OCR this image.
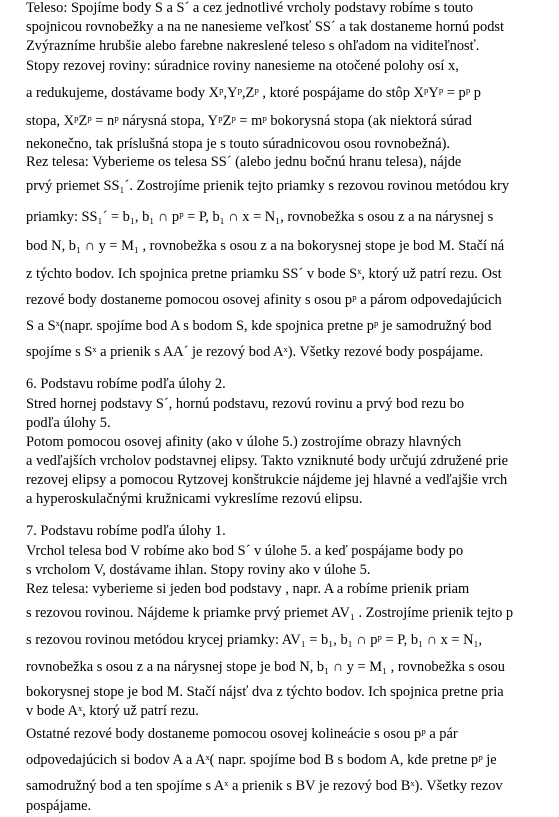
Teleso: Spojíme body S a S´ a cez jednotlivé vrcholy podstavy robíme s touto
spojnicou rovnobežky a na ne nanesieme veľkosť SS´ a tak dostaneme hornú podst
Zvýrazníme hrubšie alebo farebne nakreslené teleso s ohľadom na viditeľnosť.
Stopy rezovej roviny: súradnice roviny nanesieme na otočené polohy osí x,
a redukujeme, dostávame body Xᵖ,Yᵖ,Zᵖ , ktoré pospájame do stôp XᵖYᵖ = pᵖ p
stopa, XᵖZᵖ = nᵖ nárysná stopa, YᵖZᵖ = mᵖ bokorysná stopa (ak niektorá súrad
nekonečno, tak príslušná stopa je s touto súradnicovou osou rovnobežná).
Rez telesa: Vyberieme os telesa SS´ (alebo jednu bočnú hranu telesa), nájde
prvý priemet SS₁´. Zostrojíme prienik tejto priamky s rezovou rovinou metódou kry
priamky: SS₁´ = b₁, b₁ ∩ pᵖ = P, b₁ ∩ x = N₁, rovnobežka s osou z a na nárysnej s
bod N, b₁ ∩ y = M₁ , rovnobežka s osou z a na bokorysnej stope je bod M. Stačí ná
z týchto bodov. Ich spojnica pretne priamku SS´ v bode Sˣ, ktorý už patrí rezu. Ost
rezové body dostaneme pomocou osovej afinity s osou pᵖ a párom odpovedajúcich
S a Sˣ(napr. spojíme bod A s bodom S, kde spojnica pretne pᵖ je samodružný bod
spojíme s Sˣ a prienik s AA´ je rezový bod Aˣ). Všetky rezové body pospájame.
6. Podstavu robíme podľa úlohy 2.
Stred hornej podstavy S´, hornú podstavu, rezovú rovinu a prvý bod rezu bo
podľa úlohy 5.
Potom pomocou osovej afinity (ako v úlohe 5.) zostrojíme obrazy hlavných
a vedľajších vrcholov podstavnej elipsy. Takto vzniknuté body určujú združené prie
rezovej elipsy a pomocou Rytzovej konštrukcie nájdeme jej hlavné a vedľajšie vrch
a hyperoskulačnými kružnicami vykreslíme rezovú elipsu.
7. Podstavu robíme podľa úlohy 1.
Vrchol telesa bod V robíme ako bod S´ v úlohe 5. a keď pospájame body po
s vrcholom V, dostávame ihlan. Stopy roviny ako v úlohe 5.
Rez telesa: vyberieme si jeden bod podstavy , napr. A a robíme prienik priam
s rezovou rovinou. Nájdeme k priamke prvý priemet AV₁ . Zostrojíme prienik tejto p
s rezovou rovinou metódou krycej priamky: AV₁ = b₁, b₁ ∩ pᵖ = P, b₁ ∩ x = N₁,
rovnobežka s osou z a na nárysnej stope je bod N, b₁ ∩ y = M₁ , rovnobežka s osou
bokorysnej stope je bod M. Stačí nájsť dva z týchto bodov. Ich spojnica pretne pria
v bode Aˣ, ktorý už patrí rezu.
Ostatné rezové body dostaneme pomocou osovej kolineácie s osou pᵖ a pár
odpovedajúcich si bodov A a Aˣ( napr. spojíme bod B s bodom A, kde pretne pᵖ je
samodružný bod a ten spojíme s Aˣ a prienik s BV je rezový bod Bˣ). Všetky rezov
pospájame.
